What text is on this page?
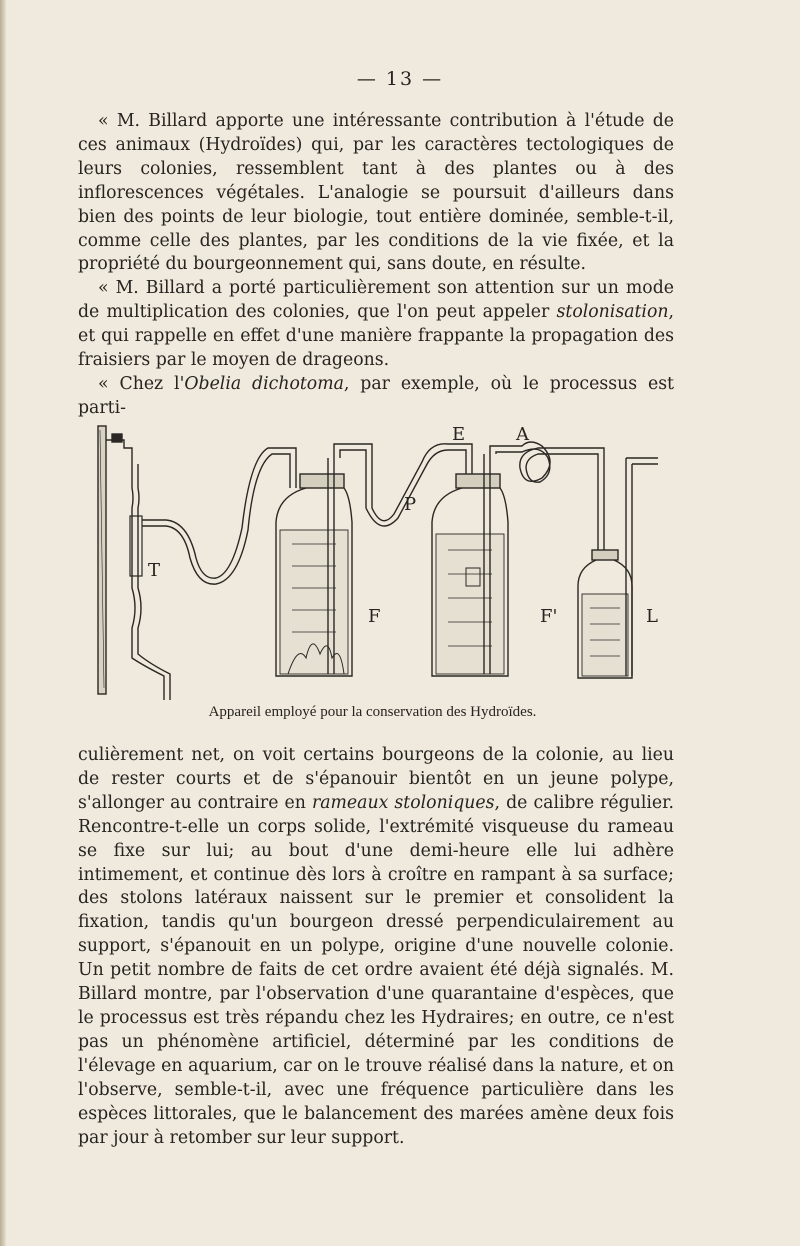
— 13 —

« M. Billard apporte une intéressante contribution à l'étude de ces animaux (Hydroïdes) qui, par les caractères tectologiques de leurs colonies, ressemblent tant à des plantes ou à des inflorescences végétales. L'analogie se poursuit d'ailleurs dans bien des points de leur biologie, tout entière dominée, semble-t-il, comme celle des plantes, par les conditions de la vie fixée, et la propriété du bourgeonnement qui, sans doute, en résulte.

« M. Billard a porté particulièrement son attention sur un mode de multiplication des colonies, que l'on peut appeler stolonisation, et qui rappelle en effet d'une manière frappante la propagation des fraisiers par le moyen de drageons.

« Chez l'Obelia dichotoma, par exemple, où le processus est parti-

E	A
P
T
F	F'	L
Appareil employé pour la conservation des Hydroïdes.

culièrement net, on voit certains bourgeons de la colonie, au lieu de rester courts et de s'épanouir bientôt en un jeune polype, s'allonger au contraire en rameaux stoloniques, de calibre régulier. Rencontre-t-elle un corps solide, l'extrémité visqueuse du rameau se fixe sur lui; au bout d'une demi-heure elle lui adhère intimement, et continue dès lors à croître en rampant à sa surface; des stolons latéraux naissent sur le premier et consolident la fixation, tandis qu'un bourgeon dressé perpendiculairement au support, s'épanouit en un polype, origine d'une nouvelle colonie. Un petit nombre de faits de cet ordre avaient été déjà signalés. M. Billard montre, par l'observation d'une quarantaine d'espèces, que le processus est très répandu chez les Hydraires; en outre, ce n'est pas un phénomène artificiel, déterminé par les conditions de l'élevage en aquarium, car on le trouve réalisé dans la nature, et on l'observe, semble-t-il, avec une fréquence particulière dans les espèces littorales, que le balancement des marées amène deux fois par jour à retomber sur leur support.
